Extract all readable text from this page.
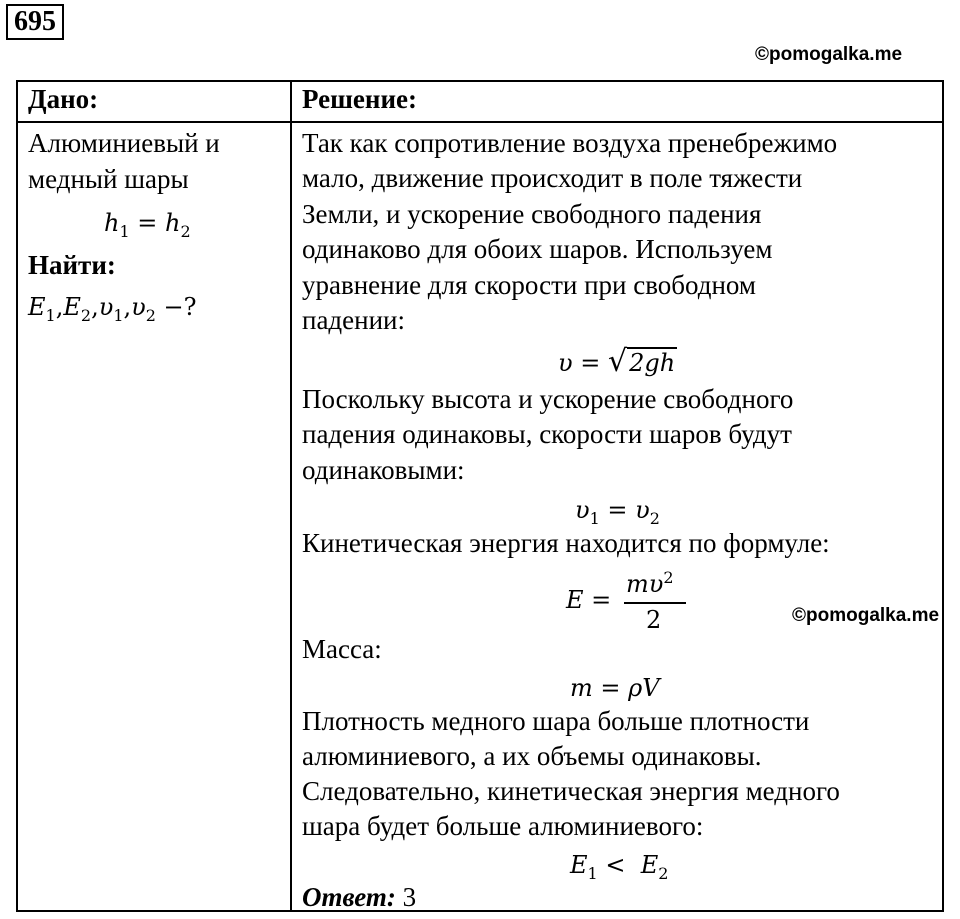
695
©pomogalka.me
Дано:
Алюминиевый и
медный шары
$h_1 = h_2$
Найти:
$E_1,E_2,\upsilon_1,\upsilon_2$ −?
Решение:
Так как сопротивление воздуха пренебрежимо
мало, движение происходит в поле тяжести
Земли, и ускорение свободного падения
одинаково для обоих шаров. Используем
уравнение для скорости при свободном
падении:
υ = √2gh
Поскольку высота и ускорение свободного
падения одинаковы, скорости шаров будут
одинаковыми:
$\upsilon_1 = \upsilon_2$
Кинетическая энергия находится по формуле:
E =
$m\upsilon^2$
2
Масса:
m = ρV
Плотность медного шара больше плотности
алюминиевого, а их объемы одинаковы.
Следовательно, кинетическая энергия медного
шара будет больше алюминиевого:
$E_1 < E_2$
Ответ: 3
©pomogalka.me
